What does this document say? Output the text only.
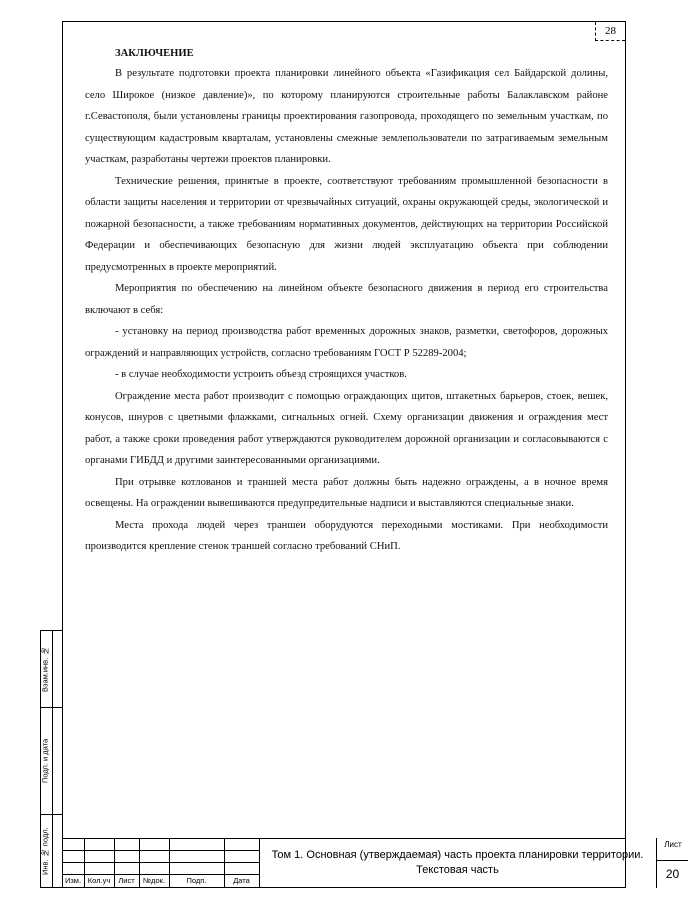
28

ЗАКЛЮЧЕНИЕ

В результате подготовки проекта планировки линейного объекта «Газификация сел Байдарской долины, село Широкое (низкое давление)», по которому планируются строительные работы Балаклавском районе г.Севастополя, были установлены границы проектирования газопровода, проходящего по земельным участкам, по существующим кадастровым кварталам, установлены смежные землепользователи по затрагиваемым земельным участкам, разработаны чертежи проектов планировки.

Технические решения, принятые в проекте, соответствуют требованиям промышленной безопасности в области защиты населения и территории от чрезвычайных ситуаций, охраны окружающей среды, экологической и пожарной безопасности, а также требованиям нормативных документов, действующих на территории Российской Федерации и обеспечивающих безопасную для жизни людей эксплуатацию объекта при соблюдении предусмотренных в проекте мероприятий.

Мероприятия по обеспечению на линейном объекте безопасного движения в период его строительства включают в себя:

- установку на период производства работ временных дорожных знаков, разметки, светофоров, дорожных ограждений и направляющих устройств, согласно требованиям ГОСТ Р 52289-2004;

- в случае необходимости устроить объезд строящихся участков.

Ограждение места работ производит с помощью ограждающих щитов, штакетных барьеров, стоек, вешек, конусов, шнуров с цветными флажками, сигнальных огней. Схему организации движения и ограждения мест работ, а также сроки проведения работ утверждаются руководителем дорожной организации и согласовываются с органами ГИБДД и другими заинтересованными организациями.

При отрывке котлованов и траншей места работ должны быть надежно ограждены, а в ночное время освещены. На ограждении вывешиваются предупредительные надписи и выставляются специальные знаки.

Места прохода людей через траншеи оборудуются переходными мостиками. При необходимости производится крепление стенок траншей согласно требований СНиП.

Взам.инв. №
Подп. и дата
Инв. № подл.
Изм. Кол.уч	Лист	№док.	Подп.	Дата
Том 1. Основная (утверждаемая) часть проекта планировки территории. Текстовая часть
Лист
20
